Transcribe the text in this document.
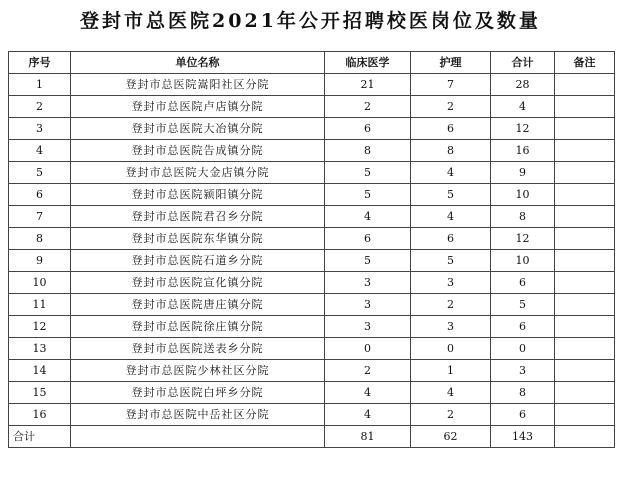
登封市总医院2021年公开招聘校医岗位及数量
序号	单位名称	临床医学	护理	合计	备注
1	登封市总医院嵩阳社区分院	21	7	28	
2	登封市总医院卢店镇分院	2	2	4	
3	登封市总医院大冶镇分院	6	6	12	
4	登封市总医院告成镇分院	8	8	16	
5	登封市总医院大金店镇分院	5	4	9	
6	登封市总医院颍阳镇分院	5	5	10	
7	登封市总医院君召乡分院	4	4	8	
8	登封市总医院东华镇分院	6	6	12	
9	登封市总医院石道乡分院	5	5	10	
10	登封市总医院宣化镇分院	3	3	6	
11	登封市总医院唐庄镇分院	3	2	5	
12	登封市总医院徐庄镇分院	3	3	6	
13	登封市总医院送表乡分院	0	0	0	
14	登封市总医院少林社区分院	2	1	3	
15	登封市总医院白坪乡分院	4	4	8	
16	登封市总医院中岳社区分院	4	2	6	
合计		81	62	143	
